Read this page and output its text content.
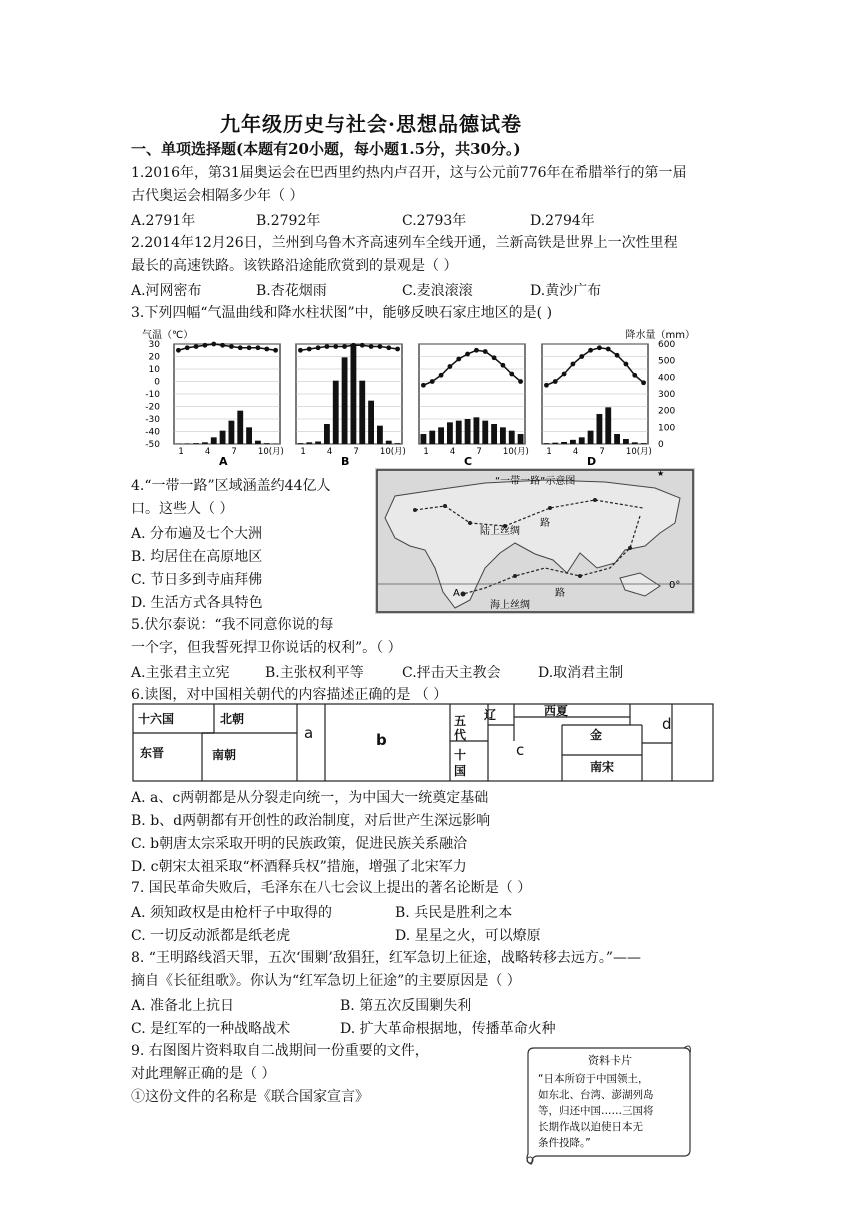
九年级历史与社会·思想品德试卷
一、单项选择题(本题有20小题，每小题1.5分，共30分。)
1.2016年，第31届奥运会在巴西里约热内卢召开，这与公元前776年在希腊举行的第一届
古代奥运会相隔多少年（ ）
A.2791年	B.2792年	C.2793年	D.2794年
2.2014年12月26日，兰州到乌鲁木齐高速列车全线开通，兰新高铁是世界上一次性里程
最长的高速铁路。该铁路沿途能欣赏到的景观是（ ）
A.河网密布	B.杏花烟雨	C.麦浪滚滚	D.黄沙广布
3.下列四幅“气温曲线和降水柱状图”中，能够反映石家庄地区的是( )
气温（℃）	降水量（mm）
30
20
10
0
-10
-20
-30
-40
-50
600
500
400
300
200
100
0
1 4 7 10(月)
A
1 4 7 10(月)
B
1 4 7 10(月)
C
1 4 7 10(月)
D
4.“一带一路”区域涵盖约44亿人
口。这些人（ ）
A. 分布遍及七个大洲
B. 均居住在高原地区
C. 节日多到寺庙拜佛
D. 生活方式各具特色
★
“一带一路”示意图
陆上丝绸
路
海上丝绸
路
0°
A
5.伏尔泰说：“我不同意你说的每
一个字，但我誓死捍卫你说话的权利”。（ ）
A.主张君主立宪	B.主张权利平等	C.抨击天主教会	D.取消君主制
6.读图，对中国相关朝代的内容描述正确的是 （ ）
十六国	北朝
东晋	南朝
五
代
十
国
辽	西夏
金
南宋
a	b
c
d
A. a、c两朝都是从分裂走向统一，为中国大一统奠定基础
B. b、d两朝都有开创性的政治制度，对后世产生深远影响
C. b朝唐太宗采取开明的民族政策，促进民族关系融洽
D. c朝宋太祖采取“杯酒释兵权”措施，增强了北宋军力
7. 国民革命失败后，毛泽东在八七会议上提出的著名论断是（ ）
A. 须知政权是由枪杆子中取得的	B. 兵民是胜利之本
C. 一切反动派都是纸老虎	D. 星星之火，可以燎原
8. “王明路线滔天罪，五次‘围剿’敌猖狂，红军急切上征途，战略转移去远方。”——
摘自《长征组歌》。你认为“红军急切上征途”的主要原因是（ ）
A. 准备北上抗日	B. 第五次反围剿失利
C. 是红军的一种战略战术	D. 扩大革命根据地，传播革命火种
9. 右图图片资料取自二战期间一份重要的文件，
对此理解正确的是（ ）
①这份文件的名称是《联合国家宣言》
资料卡片
“日本所窃于中国领土，
如东北、台湾、澎湖列岛
等，归还中国……三国将
长期作战以迫使日本无
条件投降。”
